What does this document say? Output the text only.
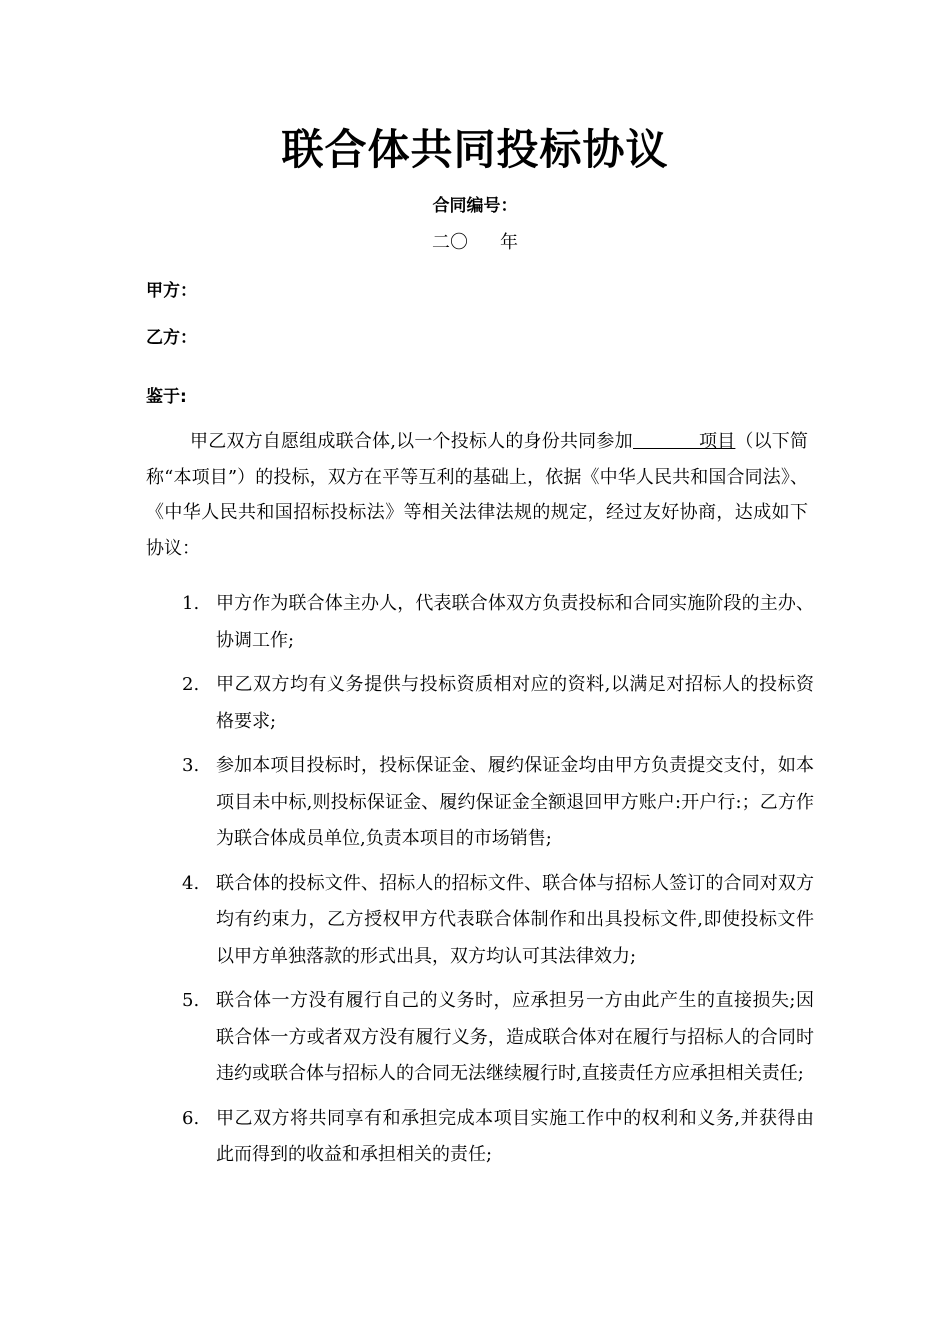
联合体共同投标协议
合同编号：
二〇 年
甲方：
乙方：
鉴于:

甲乙双方自愿组成联合体,以一个投标人的身份共同参加	项目（以下简称“本项目”）的投标，双方在平等互利的基础上，依据《中华人民共和国合同法》、《中华人民共和国招标投标法》等相关法律法规的规定，经过友好协商，达成如下协议：

1. 甲方作为联合体主办人，代表联合体双方负责投标和合同实施阶段的主办、协调工作;
2. 甲乙双方均有义务提供与投标资质相对应的资料,以满足对招标人的投标资格要求;
3. 参加本项目投标时，投标保证金、履约保证金均由甲方负责提交支付，如本项目未中标,则投标保证金、履约保证金全额退回甲方账户:开户行:；乙方作为联合体成员单位,负责本项目的市场销售;
4. 联合体的投标文件、招标人的招标文件、联合体与招标人签订的合同对双方均有约束力，乙方授权甲方代表联合体制作和出具投标文件,即使投标文件以甲方单独落款的形式出具，双方均认可其法律效力;
5. 联合体一方没有履行自己的义务时，应承担另一方由此产生的直接损失;因联合体一方或者双方没有履行义务，造成联合体对在履行与招标人的合同时违约或联合体与招标人的合同无法继续履行时,直接责任方应承担相关责任;
6. 甲乙双方将共同享有和承担完成本项目实施工作中的权利和义务,并获得由此而得到的收益和承担相关的责任;
